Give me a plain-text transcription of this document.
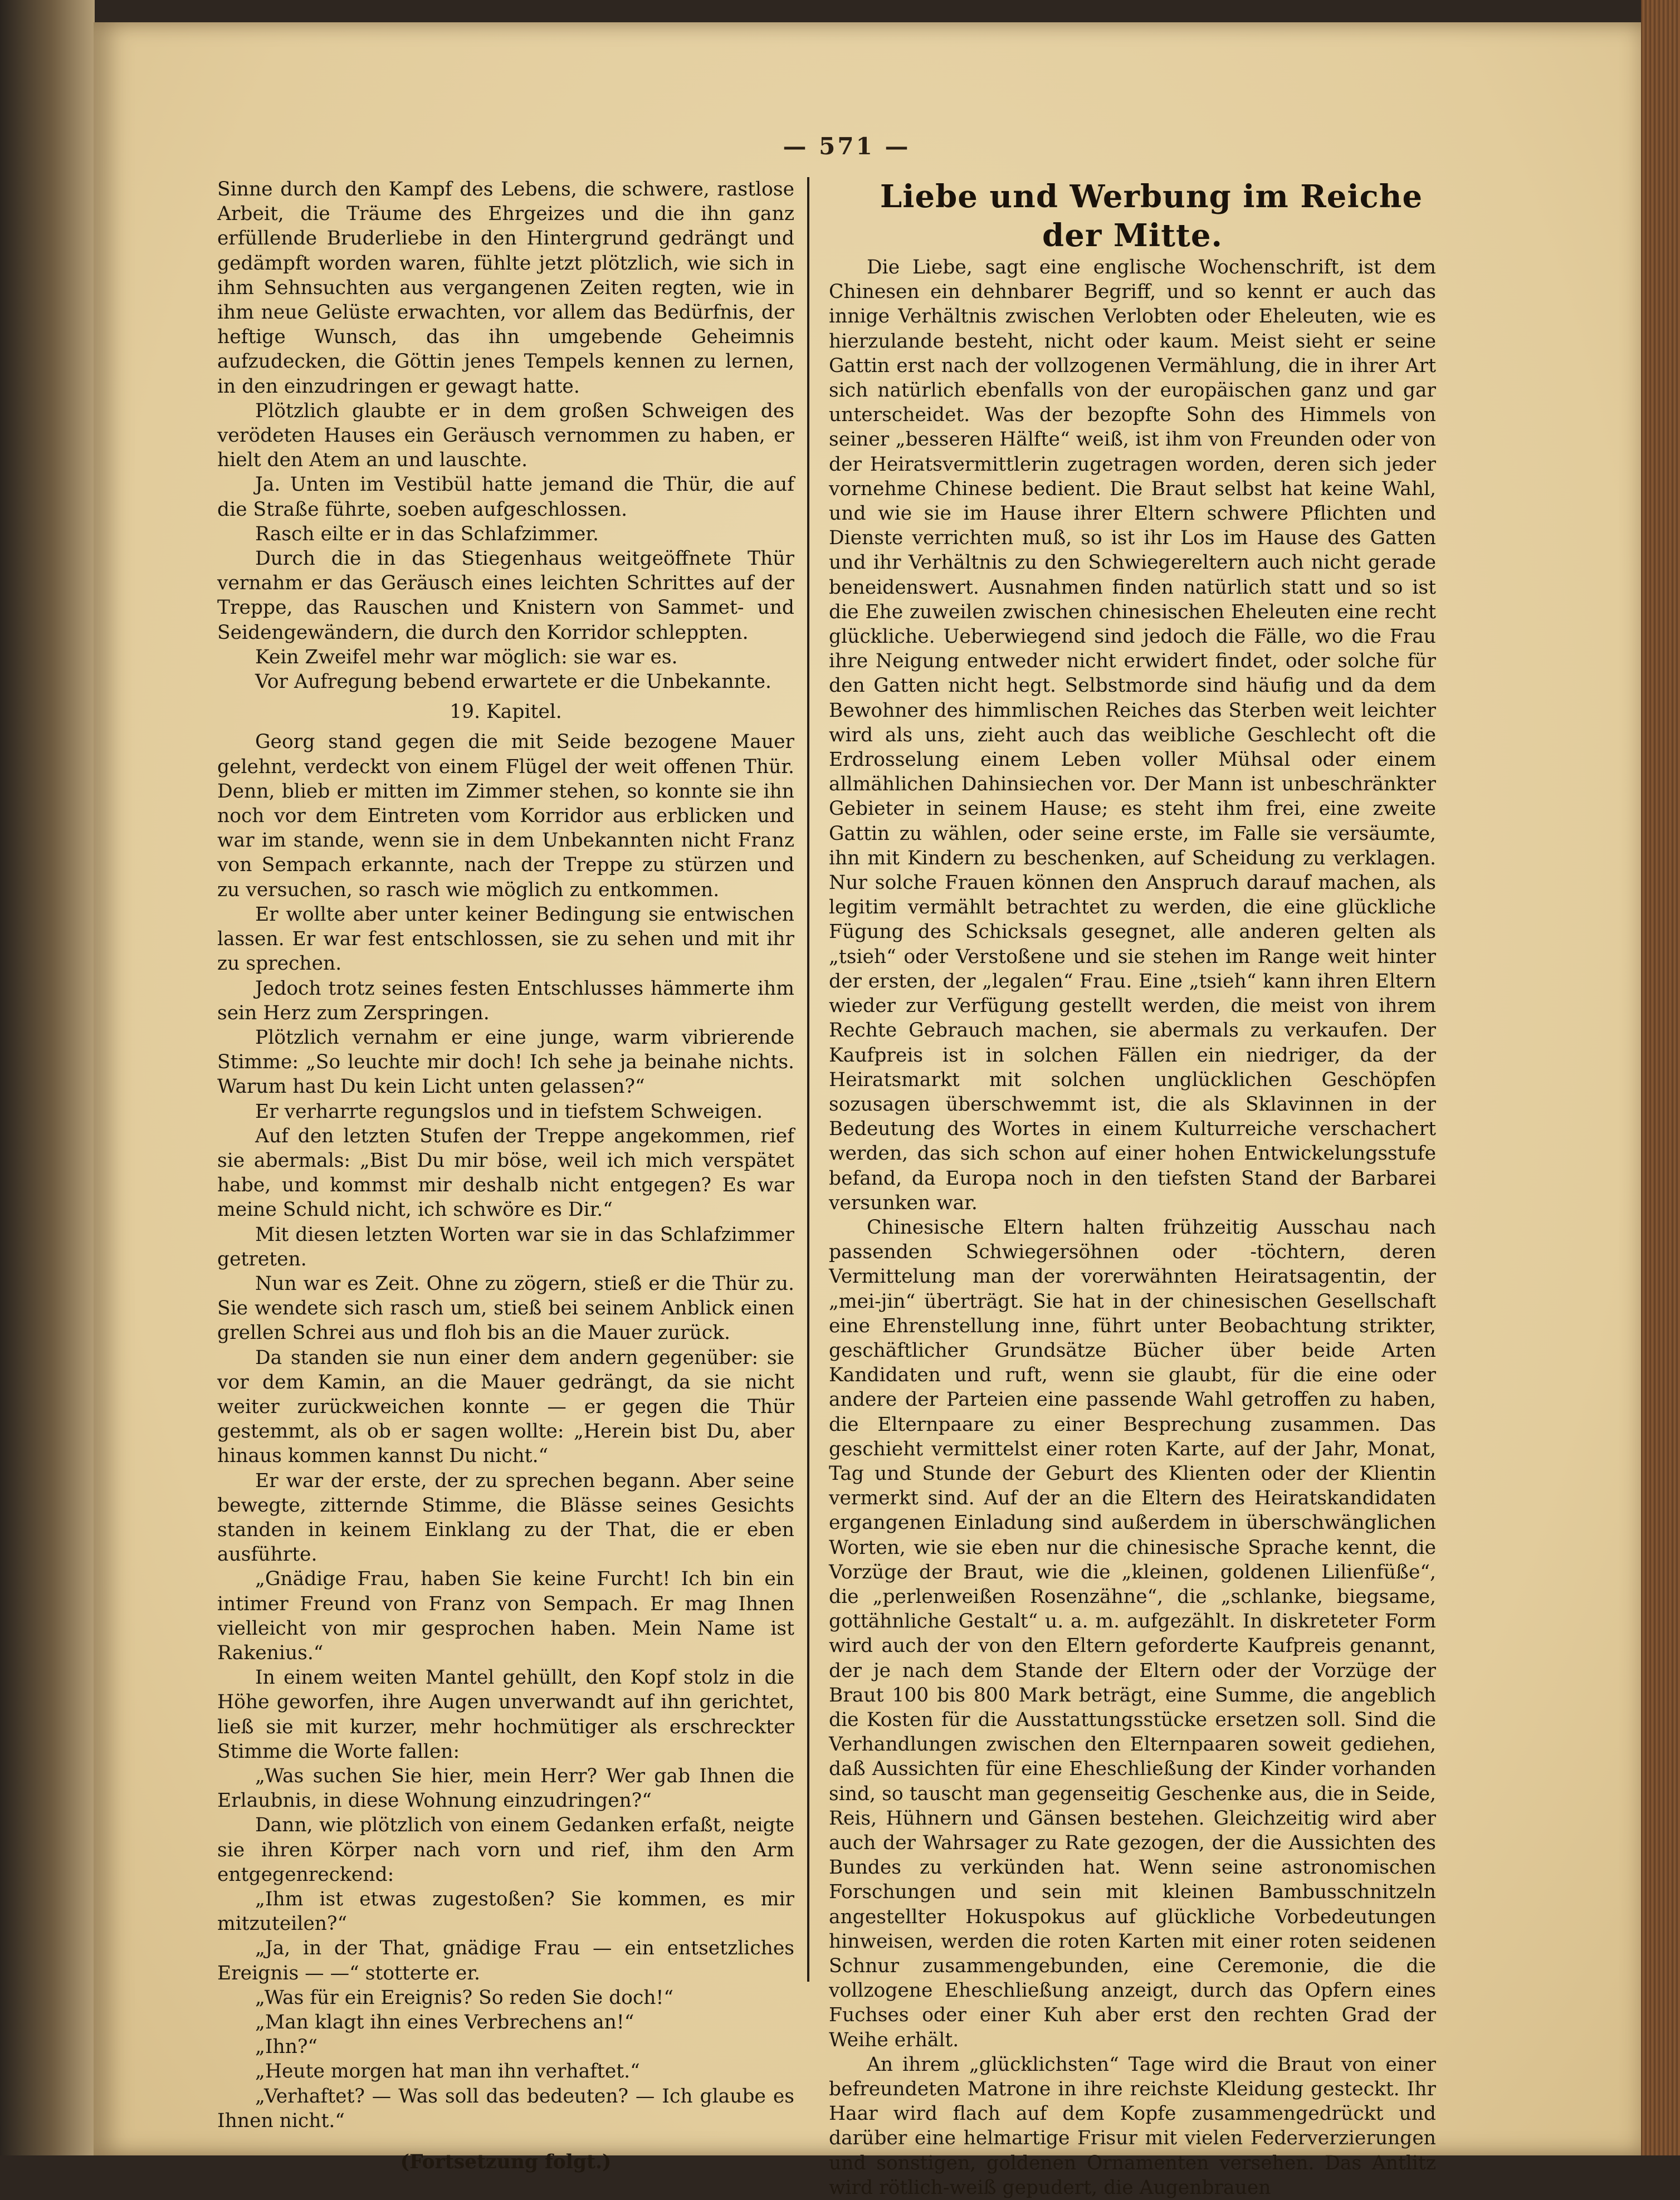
— 571 —

Sinne durch den Kampf des Lebens, die schwere, rastlose Arbeit, die Träume des Ehrgeizes und die ihn ganz erfüllende Bruderliebe in den Hintergrund gedrängt und gedämpft worden waren, fühlte jetzt plötzlich, wie sich in ihm Sehnsuchten aus vergangenen Zeiten regten, wie in ihm neue Gelüste erwachten, vor allem das Bedürfnis, der heftige Wunsch, das ihn umgebende Geheimnis aufzudecken, die Göttin jenes Tempels kennen zu lernen, in den einzudringen er gewagt hatte.

Plötzlich glaubte er in dem großen Schweigen des verödeten Hauses ein Geräusch vernommen zu haben, er hielt den Atem an und lauschte.

Ja. Unten im Vestibül hatte jemand die Thür, die auf die Straße führte, soeben aufgeschlossen.

Rasch eilte er in das Schlafzimmer.

Durch die in das Stiegenhaus weitgeöffnete Thür vernahm er das Geräusch eines leichten Schrittes auf der Treppe, das Rauschen und Knistern von Sammet- und Seidengewändern, die durch den Korridor schleppten.

Kein Zweifel mehr war möglich: sie war es.

Vor Aufregung bebend erwartete er die Unbekannte.

19. Kapitel.

Georg stand gegen die mit Seide bezogene Mauer gelehnt, verdeckt von einem Flügel der weit offenen Thür. Denn, blieb er mitten im Zimmer stehen, so konnte sie ihn noch vor dem Eintreten vom Korridor aus erblicken und war im stande, wenn sie in dem Unbekannten nicht Franz von Sempach erkannte, nach der Treppe zu stürzen und zu versuchen, so rasch wie möglich zu entkommen.

Er wollte aber unter keiner Bedingung sie entwischen lassen. Er war fest entschlossen, sie zu sehen und mit ihr zu sprechen.

Jedoch trotz seines festen Entschlusses hämmerte ihm sein Herz zum Zerspringen.

Plötzlich vernahm er eine junge, warm vibrierende Stimme: „So leuchte mir doch! Ich sehe ja beinahe nichts. Warum hast Du kein Licht unten gelassen?“

Er verharrte regungslos und in tiefstem Schweigen.

Auf den letzten Stufen der Treppe angekommen, rief sie abermals: „Bist Du mir böse, weil ich mich verspätet habe, und kommst mir deshalb nicht entgegen? Es war meine Schuld nicht, ich schwöre es Dir.“

Mit diesen letzten Worten war sie in das Schlafzimmer getreten.

Nun war es Zeit. Ohne zu zögern, stieß er die Thür zu. Sie wendete sich rasch um, stieß bei seinem Anblick einen grellen Schrei aus und floh bis an die Mauer zurück.

Da standen sie nun einer dem andern gegenüber: sie vor dem Kamin, an die Mauer gedrängt, da sie nicht weiter zurückweichen konnte — er gegen die Thür gestemmt, als ob er sagen wollte: „Herein bist Du, aber hinaus kommen kannst Du nicht.“

Er war der erste, der zu sprechen begann. Aber seine bewegte, zitternde Stimme, die Blässe seines Gesichts standen in keinem Einklang zu der That, die er eben ausführte.

„Gnädige Frau, haben Sie keine Furcht! Ich bin ein intimer Freund von Franz von Sempach. Er mag Ihnen vielleicht von mir gesprochen haben. Mein Name ist Rakenius.“

In einem weiten Mantel gehüllt, den Kopf stolz in die Höhe geworfen, ihre Augen unverwandt auf ihn gerichtet, ließ sie mit kurzer, mehr hochmütiger als erschreckter Stimme die Worte fallen:

„Was suchen Sie hier, mein Herr? Wer gab Ihnen die Erlaubnis, in diese Wohnung einzudringen?“

Dann, wie plötzlich von einem Gedanken erfaßt, neigte sie ihren Körper nach vorn und rief, ihm den Arm entgegenreckend:

„Ihm ist etwas zugestoßen? Sie kommen, es mir mitzuteilen?“

„Ja, in der That, gnädige Frau — ein entsetzliches Ereignis — —“ stotterte er.

„Was für ein Ereignis? So reden Sie doch!“

„Man klagt ihn eines Verbrechens an!“

„Ihn?“

„Heute morgen hat man ihn verhaftet.“

„Verhaftet? — Was soll das bedeuten? — Ich glaube es Ihnen nicht.“

(Fortsetzung folgt.)

Liebe und Werbung im Reiche der Mitte.

Die Liebe, sagt eine englische Wochenschrift, ist dem Chinesen ein dehnbarer Begriff, und so kennt er auch das innige Verhältnis zwischen Verlobten oder Eheleuten, wie es hierzulande besteht, nicht oder kaum. Meist sieht er seine Gattin erst nach der vollzogenen Vermählung, die in ihrer Art sich natürlich ebenfalls von der europäischen ganz und gar unterscheidet. Was der bezopfte Sohn des Himmels von seiner „besseren Hälfte“ weiß, ist ihm von Freunden oder von der Heiratsvermittlerin zugetragen worden, deren sich jeder vornehme Chinese bedient. Die Braut selbst hat keine Wahl, und wie sie im Hause ihrer Eltern schwere Pflichten und Dienste verrichten muß, so ist ihr Los im Hause des Gatten und ihr Verhältnis zu den Schwiegereltern auch nicht gerade beneidenswert. Ausnahmen finden natürlich statt und so ist die Ehe zuweilen zwischen chinesischen Eheleuten eine recht glückliche. Ueberwiegend sind jedoch die Fälle, wo die Frau ihre Neigung entweder nicht erwidert findet, oder solche für den Gatten nicht hegt. Selbstmorde sind häufig und da dem Bewohner des himmlischen Reiches das Sterben weit leichter wird als uns, zieht auch das weibliche Geschlecht oft die Erdrosselung einem Leben voller Mühsal oder einem allmählichen Dahinsiechen vor. Der Mann ist unbeschränkter Gebieter in seinem Hause; es steht ihm frei, eine zweite Gattin zu wählen, oder seine erste, im Falle sie versäumte, ihn mit Kindern zu beschenken, auf Scheidung zu verklagen. Nur solche Frauen können den Anspruch darauf machen, als legitim vermählt betrachtet zu werden, die eine glückliche Fügung des Schicksals gesegnet, alle anderen gelten als „tsieh“ oder Verstoßene und sie stehen im Range weit hinter der ersten, der „legalen“ Frau. Eine „tsieh“ kann ihren Eltern wieder zur Verfügung gestellt werden, die meist von ihrem Rechte Gebrauch machen, sie abermals zu verkaufen. Der Kaufpreis ist in solchen Fällen ein niedriger, da der Heiratsmarkt mit solchen unglücklichen Geschöpfen sozusagen überschwemmt ist, die als Sklavinnen in der Bedeutung des Wortes in einem Kulturreiche verschachert werden, das sich schon auf einer hohen Entwickelungsstufe befand, da Europa noch in den tiefsten Stand der Barbarei versunken war.

Chinesische Eltern halten frühzeitig Ausschau nach passenden Schwiegersöhnen oder -töchtern, deren Vermittelung man der vorerwähnten Heiratsagentin, der „mei-jin“ überträgt. Sie hat in der chinesischen Gesellschaft eine Ehrenstellung inne, führt unter Beobachtung strikter, geschäftlicher Grundsätze Bücher über beide Arten Kandidaten und ruft, wenn sie glaubt, für die eine oder andere der Parteien eine passende Wahl getroffen zu haben, die Elternpaare zu einer Besprechung zusammen. Das geschieht vermittelst einer roten Karte, auf der Jahr, Monat, Tag und Stunde der Geburt des Klienten oder der Klientin vermerkt sind. Auf der an die Eltern des Heiratskandidaten ergangenen Einladung sind außerdem in überschwänglichen Worten, wie sie eben nur die chinesische Sprache kennt, die Vorzüge der Braut, wie die „kleinen, goldenen Lilienfüße“, die „perlenweißen Rosenzähne“, die „schlanke, biegsame, gottähnliche Gestalt“ u. a. m. aufgezählt. In diskreteter Form wird auch der von den Eltern geforderte Kaufpreis genannt, der je nach dem Stande der Eltern oder der Vorzüge der Braut 100 bis 800 Mark beträgt, eine Summe, die angeblich die Kosten für die Ausstattungsstücke ersetzen soll. Sind die Verhandlungen zwischen den Elternpaaren soweit gediehen, daß Aussichten für eine Eheschließung der Kinder vorhanden sind, so tauscht man gegenseitig Geschenke aus, die in Seide, Reis, Hühnern und Gänsen bestehen. Gleichzeitig wird aber auch der Wahrsager zu Rate gezogen, der die Aussichten des Bundes zu verkünden hat. Wenn seine astronomischen Forschungen und sein mit kleinen Bambusschnitzeln angestellter Hokuspokus auf glückliche Vorbedeutungen hinweisen, werden die roten Karten mit einer roten seidenen Schnur zusammengebunden, eine Ceremonie, die die vollzogene Eheschließung anzeigt, durch das Opfern eines Fuchses oder einer Kuh aber erst den rechten Grad der Weihe erhält.

An ihrem „glücklichsten“ Tage wird die Braut von einer befreundeten Matrone in ihre reichste Kleidung gesteckt. Ihr Haar wird flach auf dem Kopfe zusammengedrückt und darüber eine helmartige Frisur mit vielen Federverzierungen und sonstigen, goldenen Ornamenten versehen. Das Antlitz wird rötlich-weiß gepudert, die Augenbrauen
